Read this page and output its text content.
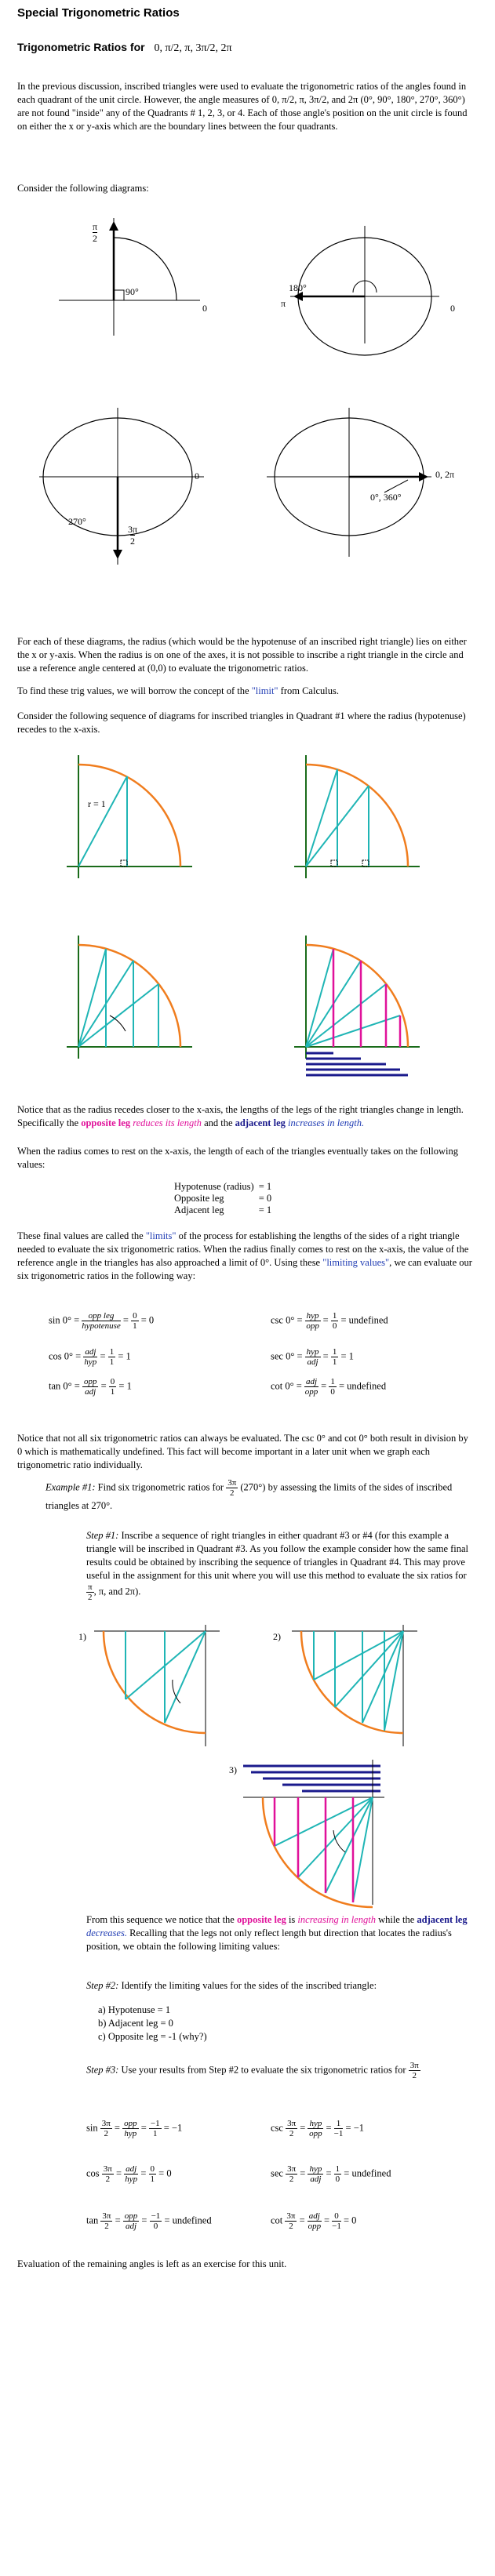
Special Trigonometric Ratios
Trigonometric Ratios for 0, π/2, π, 3π/2, 2π
In the previous discussion, inscribed triangles were used to evaluate the trigonometric ratios of the angles found in each quadrant of the unit circle. However, the angle measures of 0, π/2, π, 3π/2, and 2π (0°, 90°, 180°, 270°, 360°) are not found "inside" any of the Quadrants # 1, 2, 3, or 4. Each of those angle's position on the unit circle is found on either the x or y-axis which are the boundary lines between the four quadrants.
Consider the following diagrams:
π
2
90°
0
180°
π	0
0
270°
3π
2
0, 2π
0°, 360°
For each of these diagrams, the radius (which would be the hypotenuse of an inscribed right triangle) lies on either the x or y-axis. When the radius is on one of the axes, it is not possible to inscribe a right triangle in the circle and use a reference angle centered at (0,0) to evaluate the trigonometric ratios.
To find these trig values, we will borrow the concept of the "limit" from Calculus.
Consider the following sequence of diagrams for inscribed triangles in Quadrant #1 where the radius (hypotenuse) recedes to the x-axis.
r = 1
Notice that as the radius recedes closer to the x-axis, the lengths of the legs of the right triangles change in length. Specifically the opposite leg reduces its length and the adjacent leg increases in length.
When the radius comes to rest on the x-axis, the length of each of the triangles eventually takes on the following values:
Hypotenuse (radius)	= 1
Opposite leg	= 0
Adjacent leg	= 1
These final values are called the "limits" of the process for establishing the lengths of the sides of a right triangle needed to evaluate the six trigonometric ratios. When the radius finally comes to rest on the x-axis, the value of the reference angle in the triangles has also approached a limit of 0°. Using these "limiting values", we can evaluate our six trigonometric ratios in the following way:
$\sin 0^\circ = \frac{\text{opp leg}}{\text{hypotenuse}} = \frac{0}{1} = 0$	$\csc 0^\circ = \frac{\text{hyp}}{\text{opp}} = \frac{1}{0}$ = undefined
$\cos 0^\circ = \frac{\text{adj}}{\text{hyp}} = \frac{1}{1} = 1$	$\sec 0^\circ = \frac{\text{hyp}}{\text{adj}} = \frac{1}{1} = 1$
$\tan 0^\circ = \frac{\text{opp}}{\text{adj}} = \frac{0}{1} = 1$	$\cot 0^\circ = \frac{\text{adj}}{\text{opp}} = \frac{1}{0}$ = undefined
Notice that not all six trigonometric ratios can always be evaluated. The csc 0° and cot 0° both result in division by 0 which is mathematically undefined. This fact will become important in a later unit when we graph each trigonometric ratio individually.
Example #1: Find six trigonometric ratios for $\frac{3\pi}{2} (270^\circ)$ by assessing the limits of the sides of inscribed triangles at 270°.
Step #1: Inscribe a sequence of right triangles in either quadrant #3 or #4 (for this example a triangle will be inscribed in Quadrant #3. As you follow the example consider how the same final results could be obtained by inscribing the sequence of triangles in Quadrant #4. This may prove useful in the assignment for this unit where you will use this method to evaluate the six ratios for
$\frac{\pi}{2}$ , π, and 2π).
1)	2)
3)
From this sequence we notice that the opposite leg is increasing in length while the adjacent leg decreases. Recalling that the legs not only reflect length but direction that locates the radius's position, we obtain the following limiting values:
Step #2: Identify the limiting values for the sides of the inscribed triangle:
a) Hypotenuse = 1
b) Adjacent leg = 0
c) Opposite leg = -1 (why?)
Step #3: Use your results from Step #2 to evaluate the six trigonometric ratios for $\frac{3\pi}{2}$
$\sin \frac{3\pi}{2} = \frac{\text{opp}}{\text{hyp}} = \frac{-1}{1} = -1$	$\csc \frac{3\pi}{2} = \frac{\text{hyp}}{\text{opp}} = \frac{1}{-1} = -1$
$\cos \frac{3\pi}{2} = \frac{\text{adj}}{\text{hyp}} = \frac{0}{1} = 0$	$\sec \frac{3\pi}{2} = \frac{\text{hyp}}{\text{adj}} = \frac{1}{0}$ = undefined
$\tan \frac{3\pi}{2} = \frac{\text{opp}}{\text{adj}} = \frac{-1}{0}$ = undefined	$\cot \frac{3\pi}{2} = \frac{\text{adj}}{\text{opp}} = \frac{0}{-1} = 0$
Evaluation of the remaining angles is left as an exercise for this unit.
